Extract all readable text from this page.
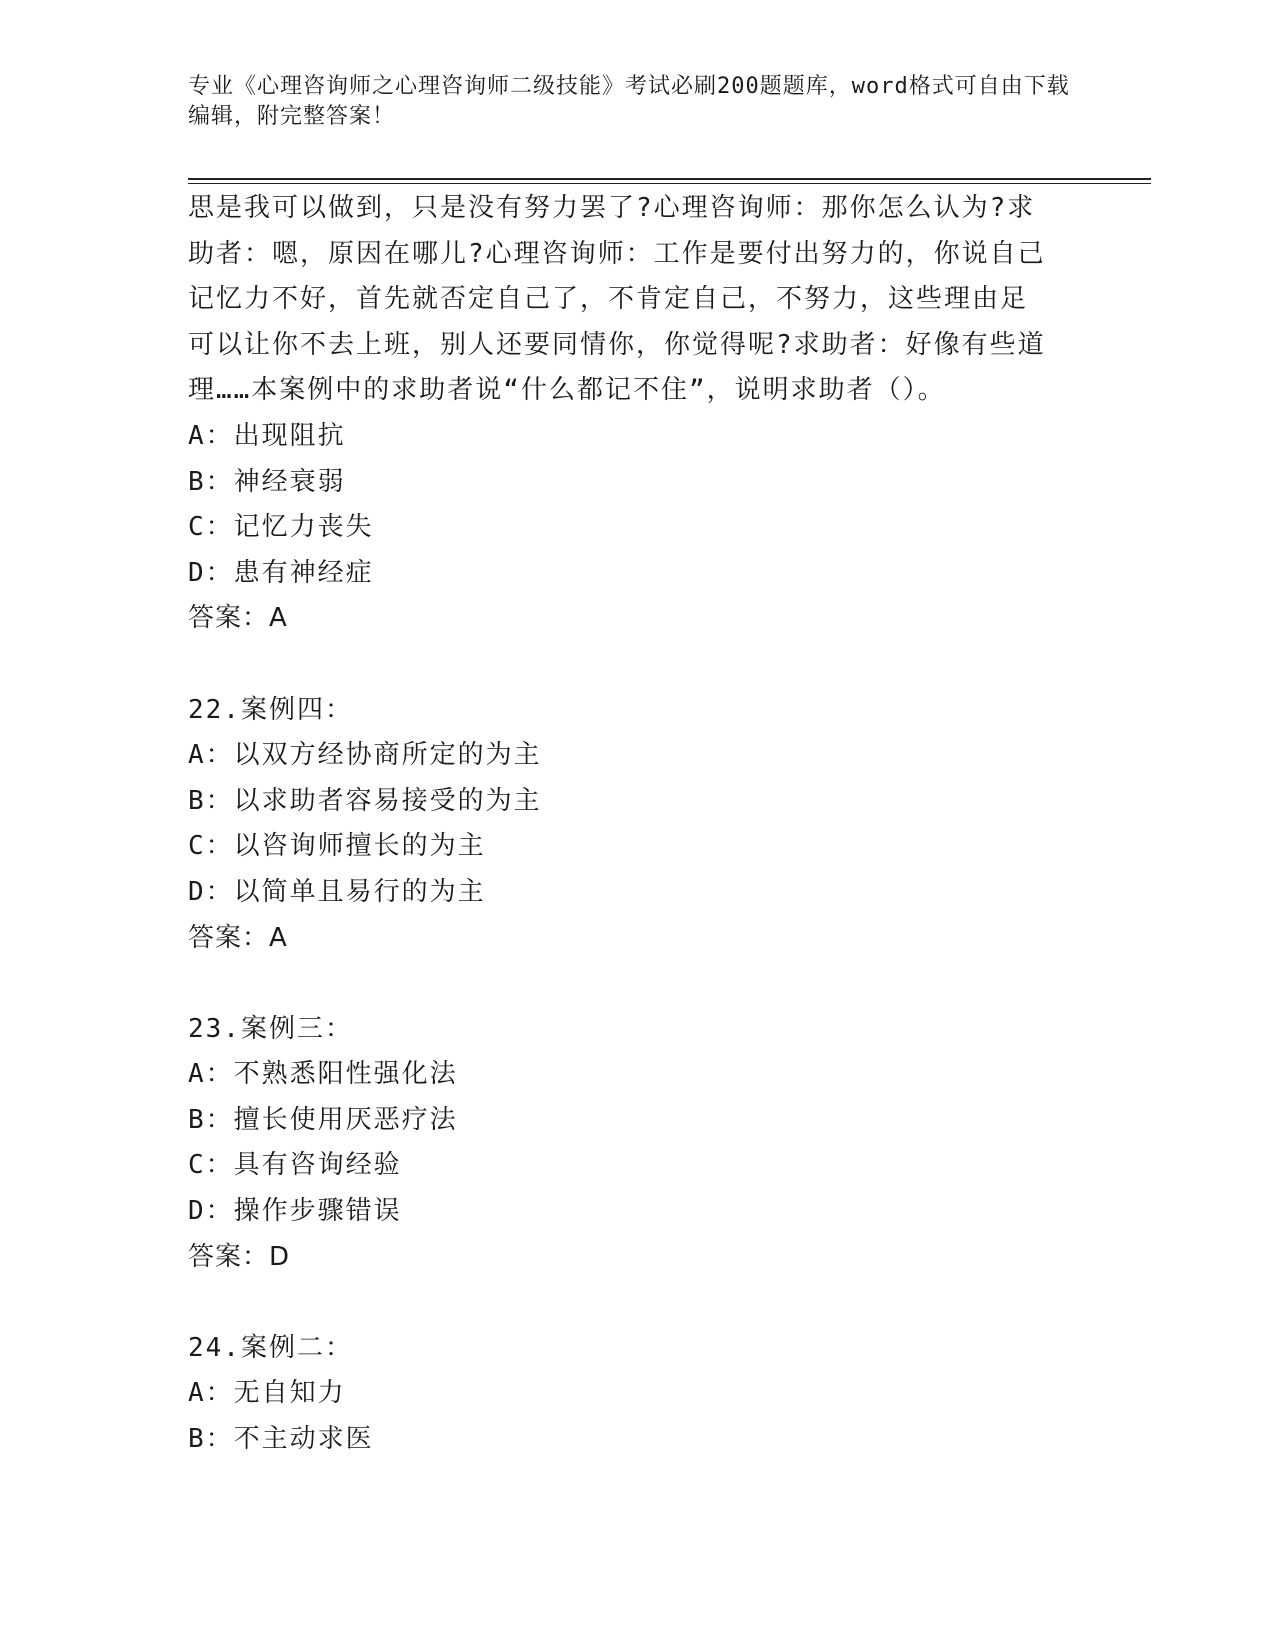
专业《心理咨询师之心理咨询师二级技能》考试必刷200题题库，word格式可自由下载编辑，附完整答案！
思是我可以做到，只是没有努力罢了?心理咨询师：那你怎么认为?求
助者：嗯，原因在哪儿?心理咨询师：工作是要付出努力的，你说自己
记忆力不好，首先就否定自己了，不肯定自己，不努力，这些理由足
可以让你不去上班，别人还要同情你，你觉得呢?求助者：好像有些道
理……本案例中的求助者说“什么都记不住”，说明求助者（）。
A：出现阻抗
B：神经衰弱
C：记忆力丧失
D：患有神经症
答案：A
22.案例四：
A：以双方经协商所定的为主
B：以求助者容易接受的为主
C：以咨询师擅长的为主
D：以简单且易行的为主
答案：A
23.案例三：
A：不熟悉阳性强化法
B：擅长使用厌恶疗法
C：具有咨询经验
D：操作步骤错误
答案：D
24.案例二：
A：无自知力
B：不主动求医
